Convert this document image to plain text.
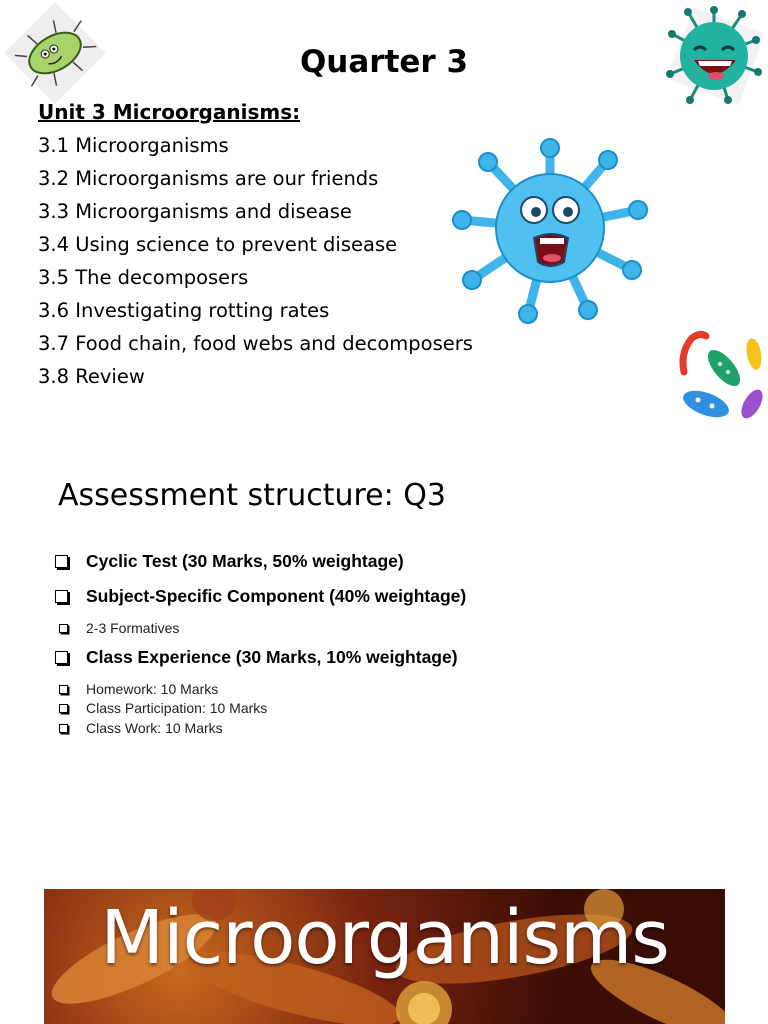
Quarter 3
Unit 3 Microorganisms:
3.1 Microorganisms
3.2 Microorganisms are our friends
3.3 Microorganisms and disease
3.4 Using science to prevent disease
3.5 The decomposers
3.6 Investigating rotting rates
3.7 Food chain, food webs and decomposers
3.8 Review
Assessment structure: Q3
Cyclic Test (30 Marks, 50% weightage)
Subject-Specific Component (40% weightage)
2-3 Formatives
Class Experience (30 Marks, 10% weightage)
Homework: 10 Marks
Class Participation: 10 Marks
Class Work: 10 Marks
Microorganisms
